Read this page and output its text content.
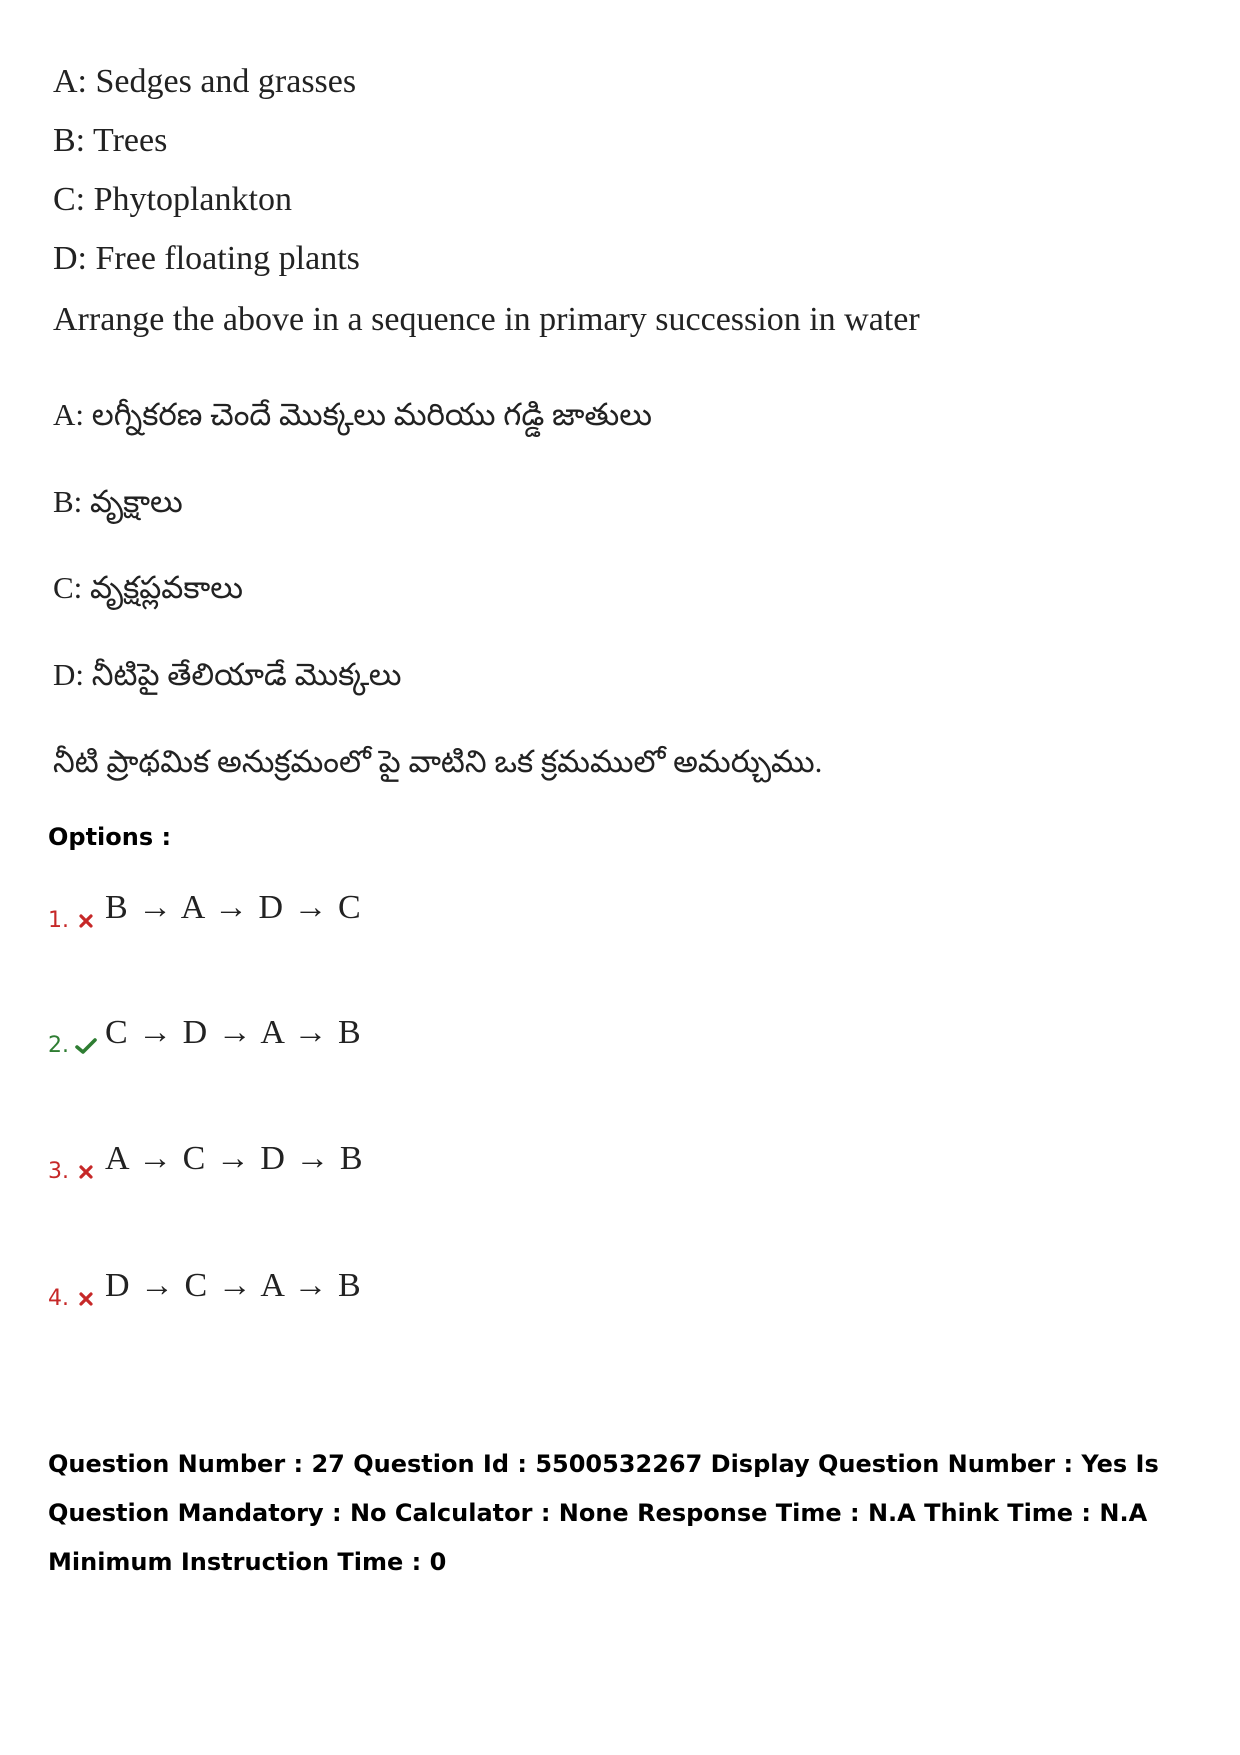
A: Sedges and grasses
B: Trees
C: Phytoplankton
D: Free floating plants
Arrange the above in a sequence in primary succession in water
A: లగ్నీకరణ చెందే మొక్కలు మరియు గడ్డి జాతులు
B: వృక్షాలు
C: వృక్షప్లవకాలు
D: నీటిపై తేలియాడే మొక్కలు
నీటి ప్రాథమిక అనుక్రమంలో పై వాటిని ఒక క్రమములో అమర్చుము.
Options :
1. B → A → D → C
2. C → D → A → B
3. A → C → D → B
4. D → C → A → B
Question Number : 27 Question Id : 5500532267 Display Question Number : Yes Is Question Mandatory : No Calculator : None Response Time : N.A Think Time : N.A Minimum Instruction Time : 0
